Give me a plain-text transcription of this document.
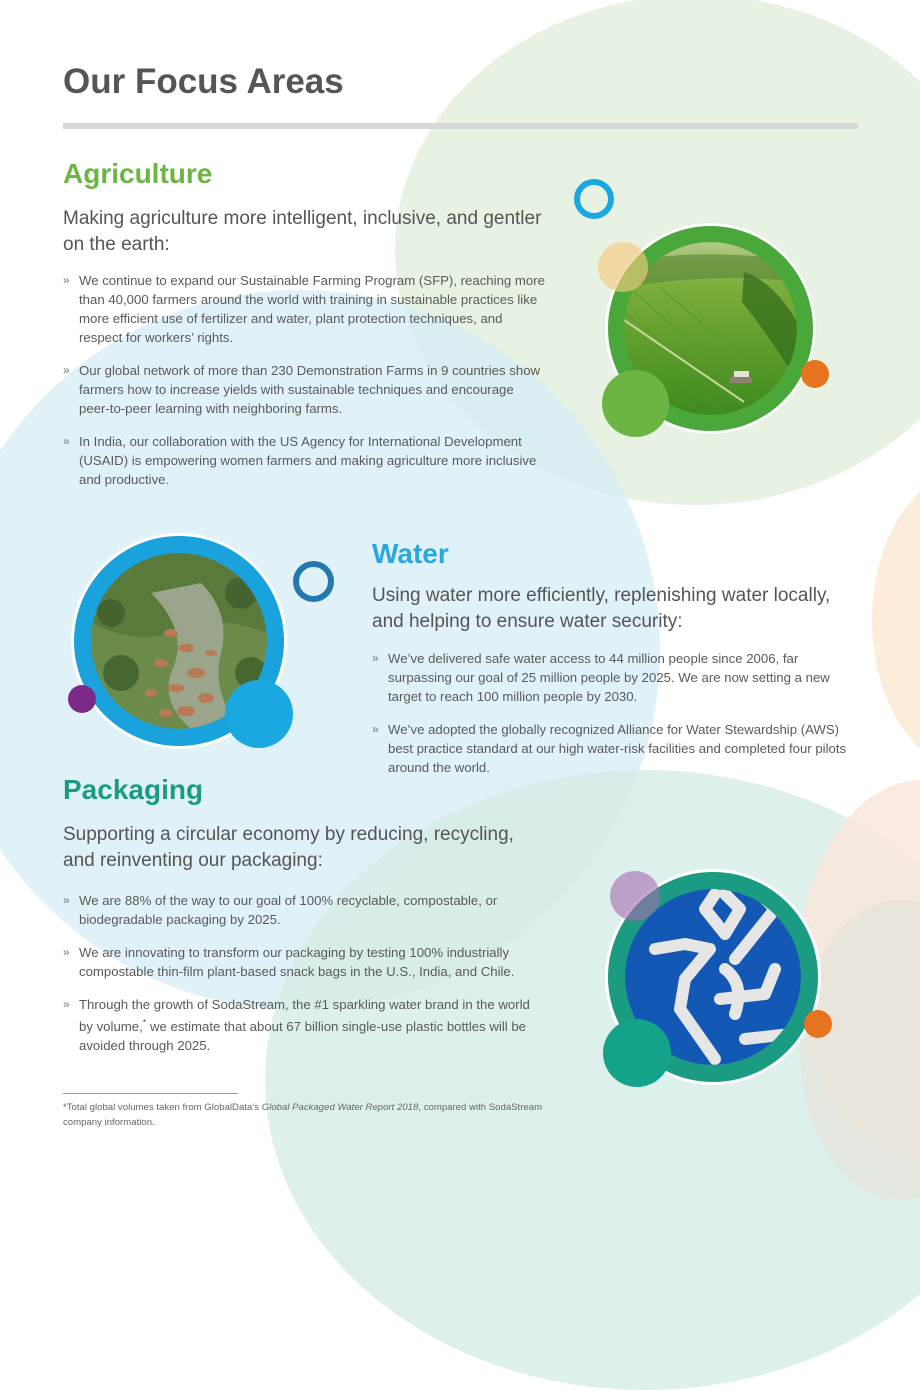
Our Focus Areas
Agriculture

Making agriculture more intelligent, inclusive, and gentler on the earth:

» We continue to expand our Sustainable Farming Program (SFP), reaching more than 40,000 farmers around the world with training in sustainable practices like more efficient use of fertilizer and water, plant protection techniques, and respect for workers’ rights.
» Our global network of more than 230 Demonstration Farms in 9 countries show farmers how to increase yields with sustainable techniques and encourage peer-to-peer learning with neighboring farms.
» In India, our collaboration with the US Agency for International Development (USAID) is empowering women farmers and making agriculture more inclusive and productive.
Water

Using water more efficiently, replenishing water locally, and helping to ensure water security:

» We’ve delivered safe water access to 44 million people since 2006, far surpassing our goal of 25 million people by 2025. We are now setting a new target to reach 100 million people by 2030.
» We’ve adopted the globally recognized Alliance for Water Stewardship (AWS) best practice standard at our high water-risk facilities and completed four pilots around the world.
Packaging

Supporting a circular economy by reducing, recycling, and reinventing our packaging:

» We are 88% of the way to our goal of 100% recyclable, compostable, or biodegradable packaging by 2025.
» We are innovating to transform our packaging by testing 100% industrially compostable thin-film plant-based snack bags in the U.S., India, and Chile.
» Through the growth of SodaStream, the #1 sparkling water brand in the world by volume,* we estimate that about 67 billion single-use plastic bottles will be avoided through 2025.

*Total global volumes taken from GlobalData’s Global Packaged Water Report 2018, compared with SodaStream company information.
